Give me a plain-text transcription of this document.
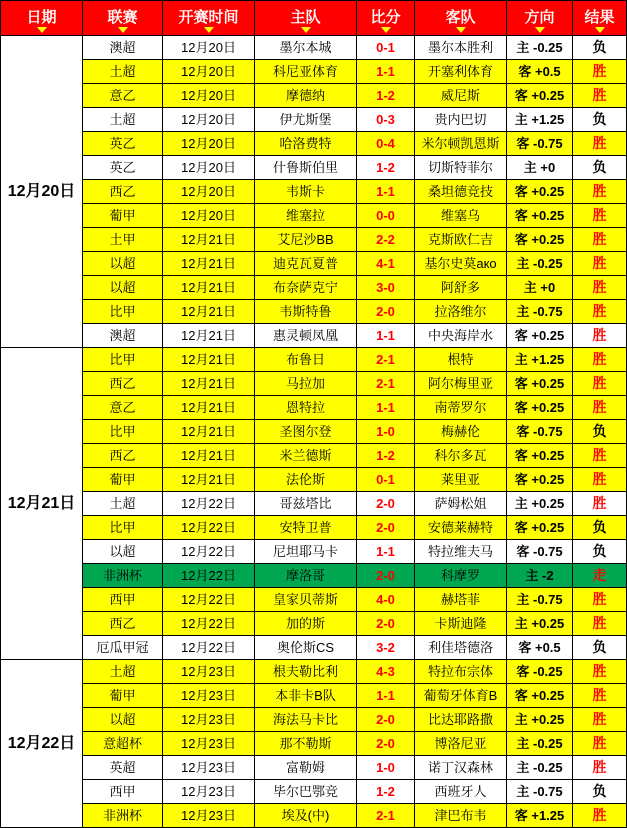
日期	联赛	开赛时间	主队	比分	客队	方向	结果

12月20日	澳超	12月20日	墨尔本城	0-1	墨尔本胜利	主 -0.25	负
	土超	12月20日	科尼亚体育	1-1	开塞利体育	客 +0.5	胜
	意乙	12月20日	摩德纳	1-2	威尼斯	客 +0.25	胜
	土超	12月20日	伊尤斯堡	0-3	贵内巴切	主 +1.25	负
	英乙	12月20日	哈洛费特	0-4	米尔顿凯恩斯	客 -0.75	胜
	英乙	12月20日	什鲁斯伯里	1-2	切斯特菲尔	主 +0	负
	西乙	12月20日	韦斯卡	1-1	桑坦德竞技	客 +0.25	胜
	葡甲	12月20日	维塞拉	0-0	维塞乌	客 +0.25	胜
	土甲	12月21日	艾尼沙BB	2-2	克斯欧仁吉	客 +0.25	胜
	以超	12月21日	迪克瓦夏普	4-1	基尔史莫ако	主 -0.25	胜
	以超	12月21日	布奈萨克宁	3-0	阿舒多	主 +0	胜
	比甲	12月21日	韦斯特鲁	2-0	拉洛维尔	主 -0.75	胜
	澳超	12月21日	惠灵顿凤凰	1-1	中央海岸水	客 +0.25	胜
12月21日	比甲	12月21日	布鲁日	2-1	根特	主 +1.25	胜
	西乙	12月21日	马拉加	2-1	阿尔梅里亚	客 +0.25	胜
	意乙	12月21日	恩特拉	1-1	南蒂罗尔	客 +0.25	胜
	比甲	12月21日	圣图尔登	1-0	梅赫伦	客 -0.75	负
	西乙	12月21日	米兰德斯	1-2	科尔多瓦	客 +0.25	胜
	葡甲	12月21日	法伦斯	0-1	莱里亚	客 +0.25	胜
	土超	12月22日	哥兹塔比	2-0	萨姆松姐	主 +0.25	胜
	比甲	12月22日	安特卫普	2-0	安德莱赫特	客 +0.25	负
	以超	12月22日	尼坦耶马卡	1-1	特拉维夫马	客 -0.75	负
	非洲杯	12月22日	摩洛哥	2-0	科摩罗	主 -2	走
	西甲	12月22日	皇家贝蒂斯	4-0	赫塔菲	主 -0.75	胜
	西乙	12月22日	加的斯	2-0	卡斯迪隆	主 +0.25	胜
	厄瓜甲冠	12月22日	奥伦斯CS	3-2	利佳塔德洛	客 +0.5	负
12月22日	土超	12月23日	根夫勒比利	4-3	特拉布宗体	客 -0.25	胜
	葡甲	12月23日	本非卡B队	1-1	葡萄牙体育B	客 +0.25	胜
	以超	12月23日	海法马卡比	2-0	比达耶路撒	主 +0.25	胜
	意超杯	12月23日	那不勒斯	2-0	博洛尼亚	主 -0.25	胜
	英超	12月23日	富勒姆	1-0	诺丁汉森林	主 -0.25	胜
	西甲	12月23日	毕尔巴鄂竞	1-2	西班牙人	主 -0.75	负
	非洲杯	12月23日	埃及(中)	2-1	津巴布韦	客 +1.25	胜
